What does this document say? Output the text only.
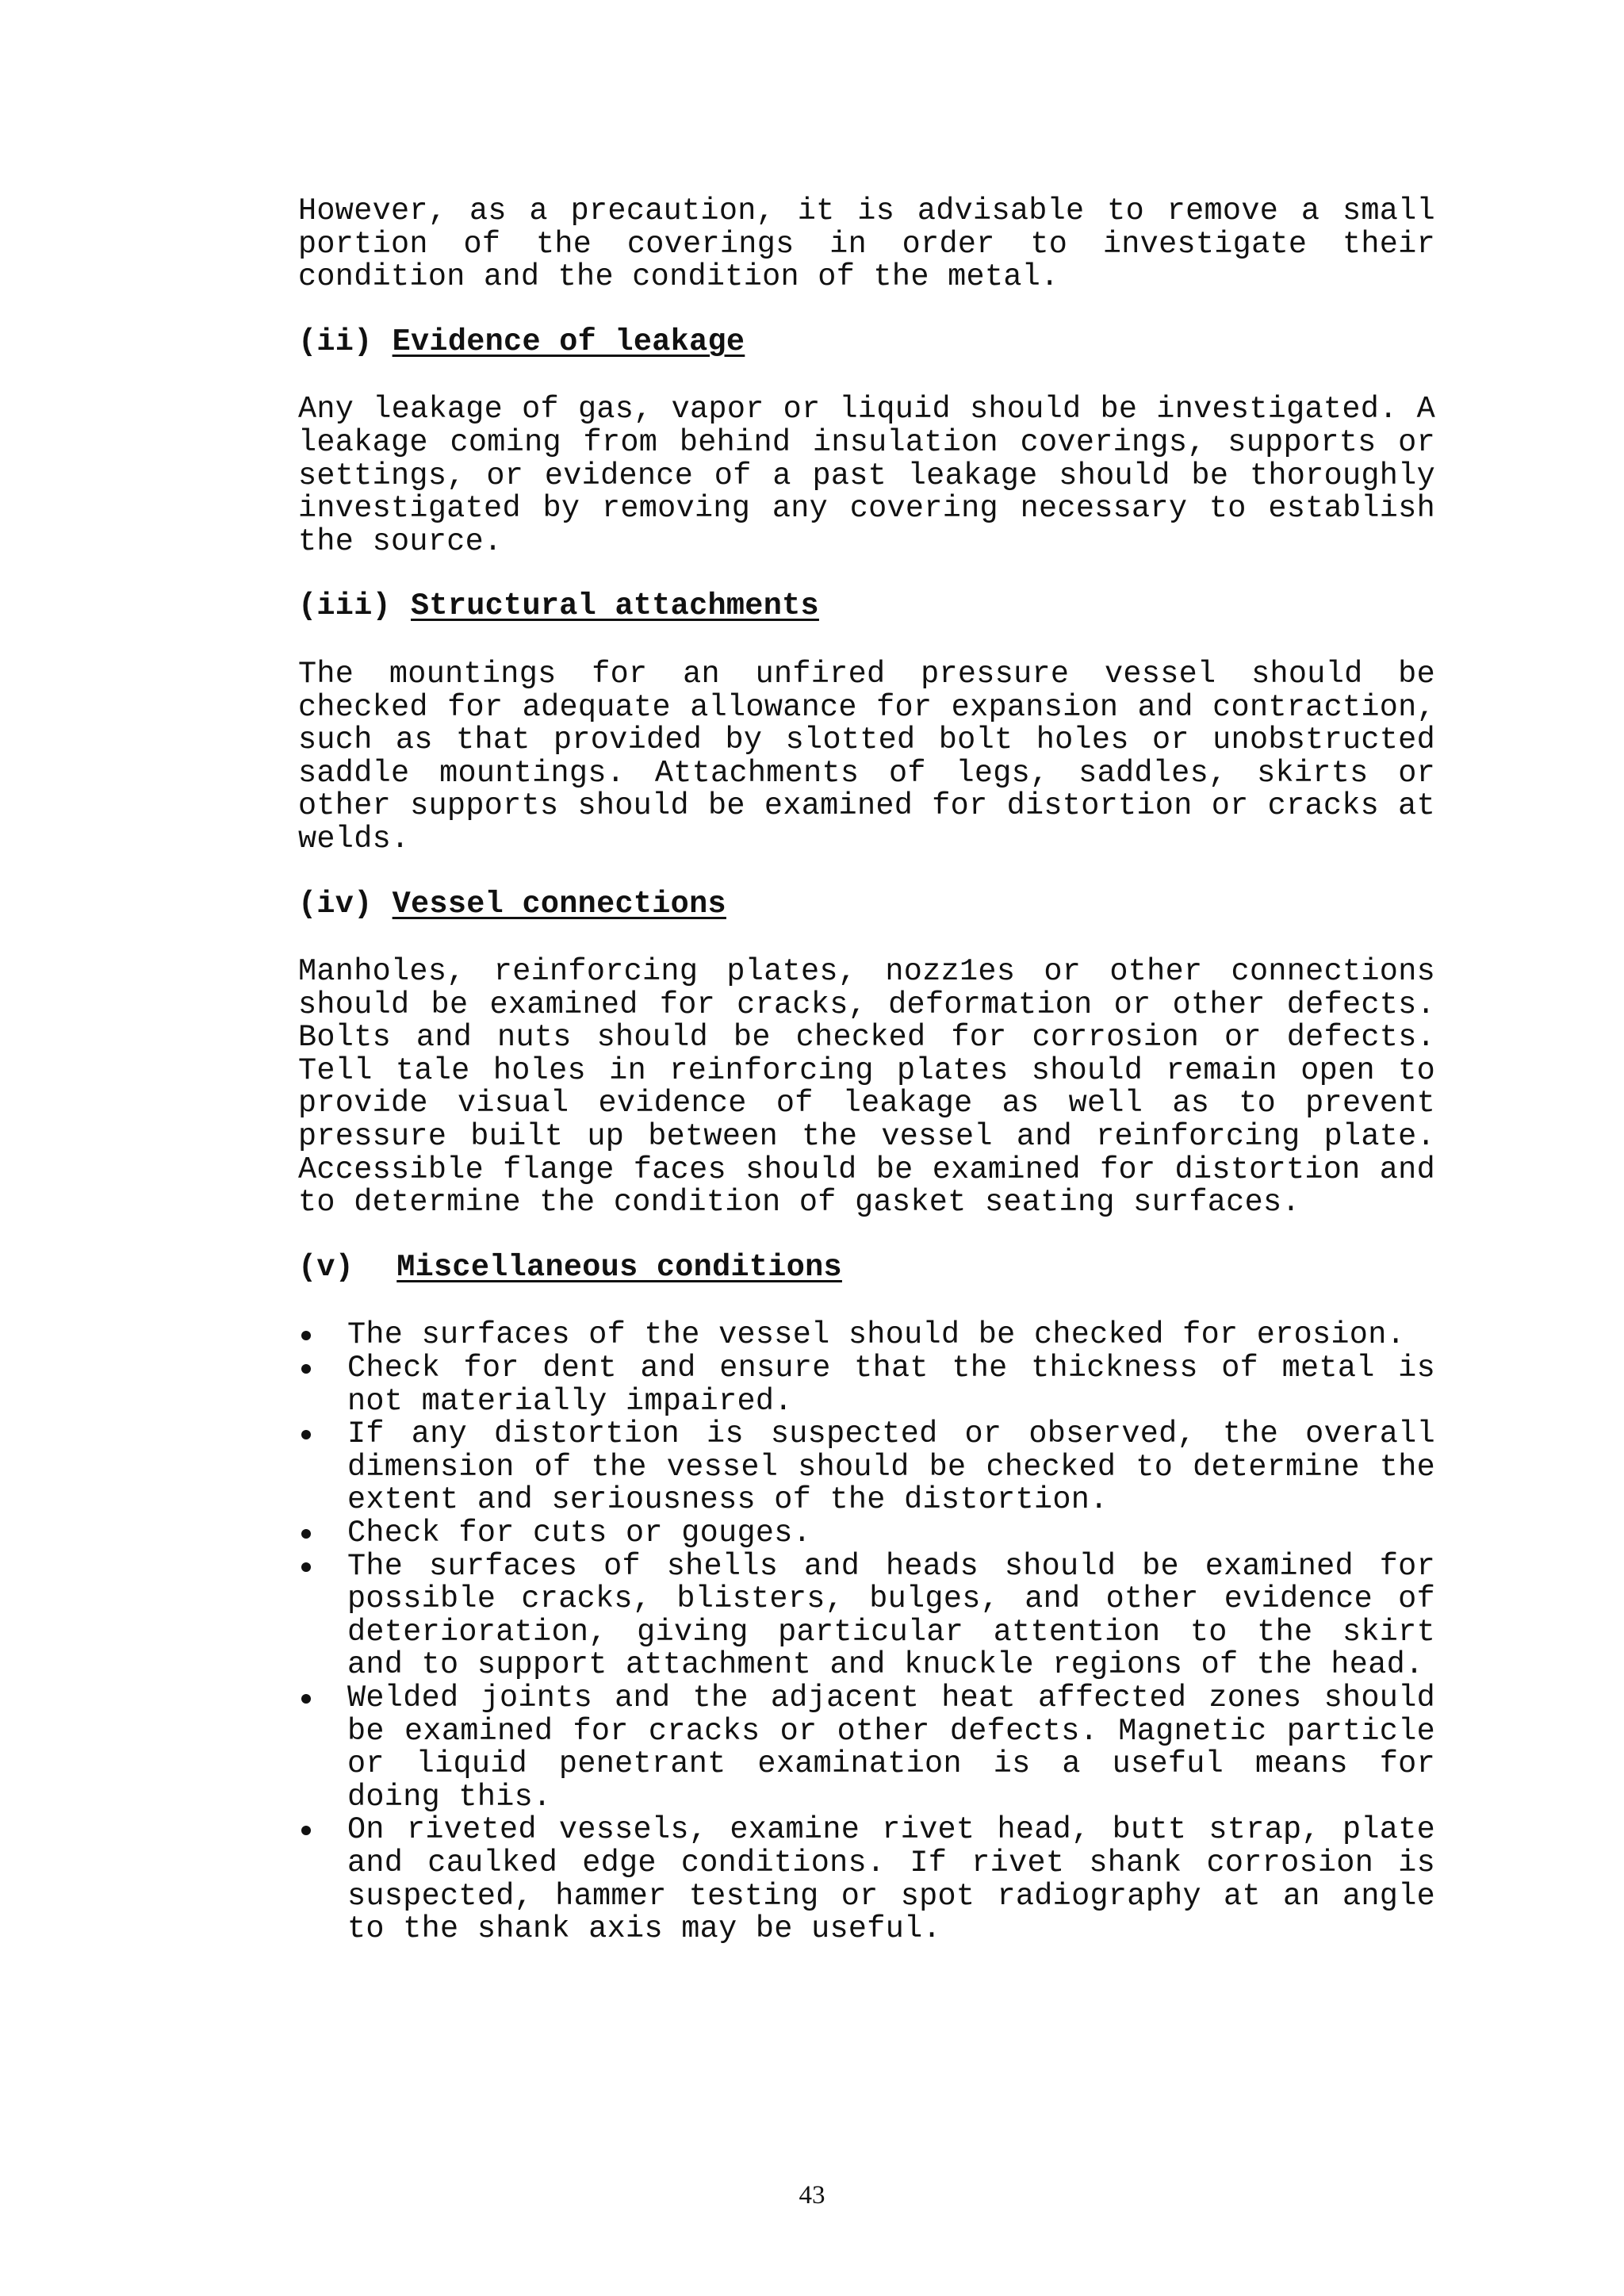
However, as a precaution, it is advisable to remove a small portion of the coverings in order to investigate their condition and the condition of the metal.

(ii) Evidence of leakage

Any leakage of gas, vapor or liquid should be investigated. A leakage coming from behind insulation coverings, supports or settings, or evidence of a past leakage should be thoroughly investigated by removing any covering necessary to establish the source.

(iii) Structural attachments

The mountings for an unfired pressure vessel should be checked for adequate allowance for expansion and contraction, such as that provided by slotted bolt holes or unobstructed saddle mountings. Attachments of legs, saddles, skirts or other supports should be examined for distortion or cracks at welds.

(iv) Vessel connections

Manholes, reinforcing plates, nozz1es or other connections should be examined for cracks, deformation or other defects. Bolts and nuts should be checked for corrosion or defects. Tell tale holes in reinforcing plates should remain open to provide visual evidence of leakage as well as to prevent pressure built up between the vessel and reinforcing plate. Accessible flange faces should be examined for distortion and to determine the condition of gasket seating surfaces.

(v) Miscellaneous conditions
The surfaces of the vessel should be checked for erosion.
Check for dent and ensure that the thickness of metal is not materially impaired.
If any distortion is suspected or observed, the overall dimension of the vessel should be checked to determine the extent and seriousness of the distortion.
Check for cuts or gouges.
The surfaces of shells and heads should be examined for possible cracks, blisters, bulges, and other evidence of deterioration, giving particular attention to the skirt and to support attachment and knuckle regions of the head.
Welded joints and the adjacent heat affected zones should be examined for cracks or other defects. Magnetic particle or liquid penetrant examination is a useful means for doing this.
On riveted vessels, examine rivet head, butt strap, plate and caulked edge conditions. If rivet shank corrosion is suspected, hammer testing or spot radiography at an angle to the shank axis may be useful.
43
